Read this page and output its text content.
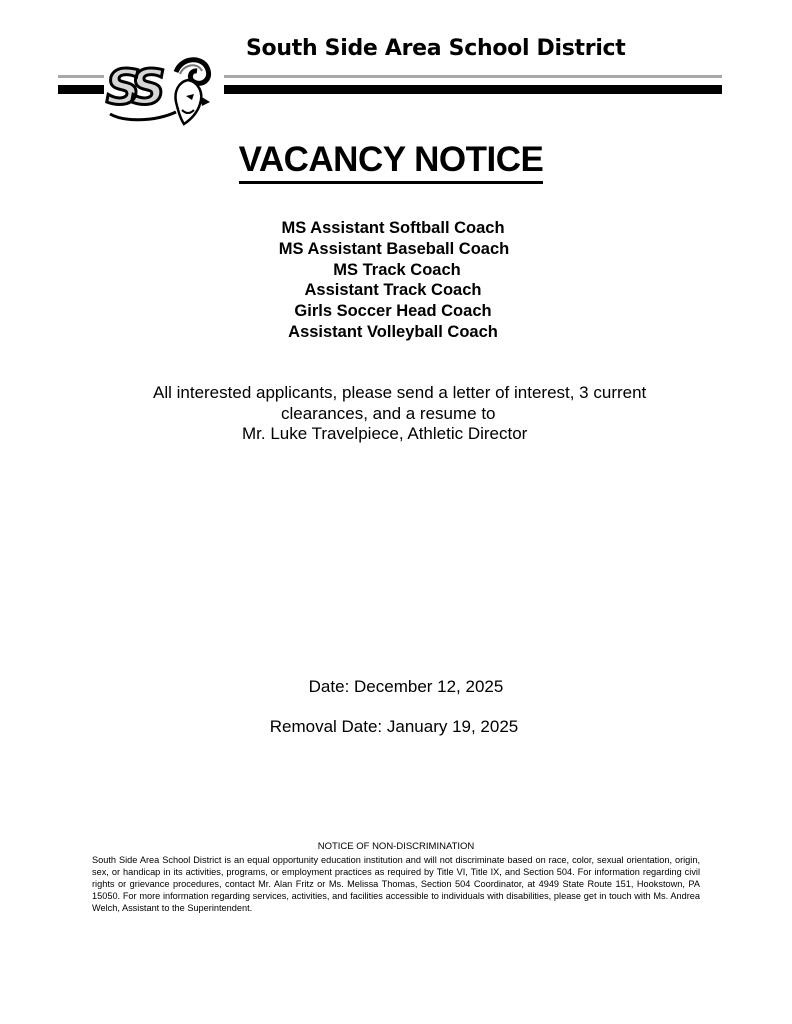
South Side Area School District
SS
VACANCY NOTICE
MS Assistant Softball Coach
MS Assistant Baseball Coach
MS Track Coach
Assistant Track Coach
Girls Soccer Head Coach
Assistant Volleyball Coach
All interested applicants, please send a letter of interest, 3 current
clearances, and a resume to
Mr. Luke Travelpiece, Athletic Director
Date: December 12, 2025
Removal Date: January 19, 2025
NOTICE OF NON-DISCRIMINATION
South Side Area School District is an equal opportunity education institution and will not discriminate based on race, color, sexual orientation, origin, sex, or handicap in its activities, programs, or employment practices as required by Title VI, Title IX, and Section 504. For information regarding civil rights or grievance procedures, contact Mr. Alan Fritz or Ms. Melissa Thomas, Section 504 Coordinator, at 4949 State Route 151, Hookstown, PA 15050. For more information regarding services, activities, and facilities accessible to individuals with disabilities, please get in touch with Ms. Andrea Welch, Assistant to the Superintendent.
